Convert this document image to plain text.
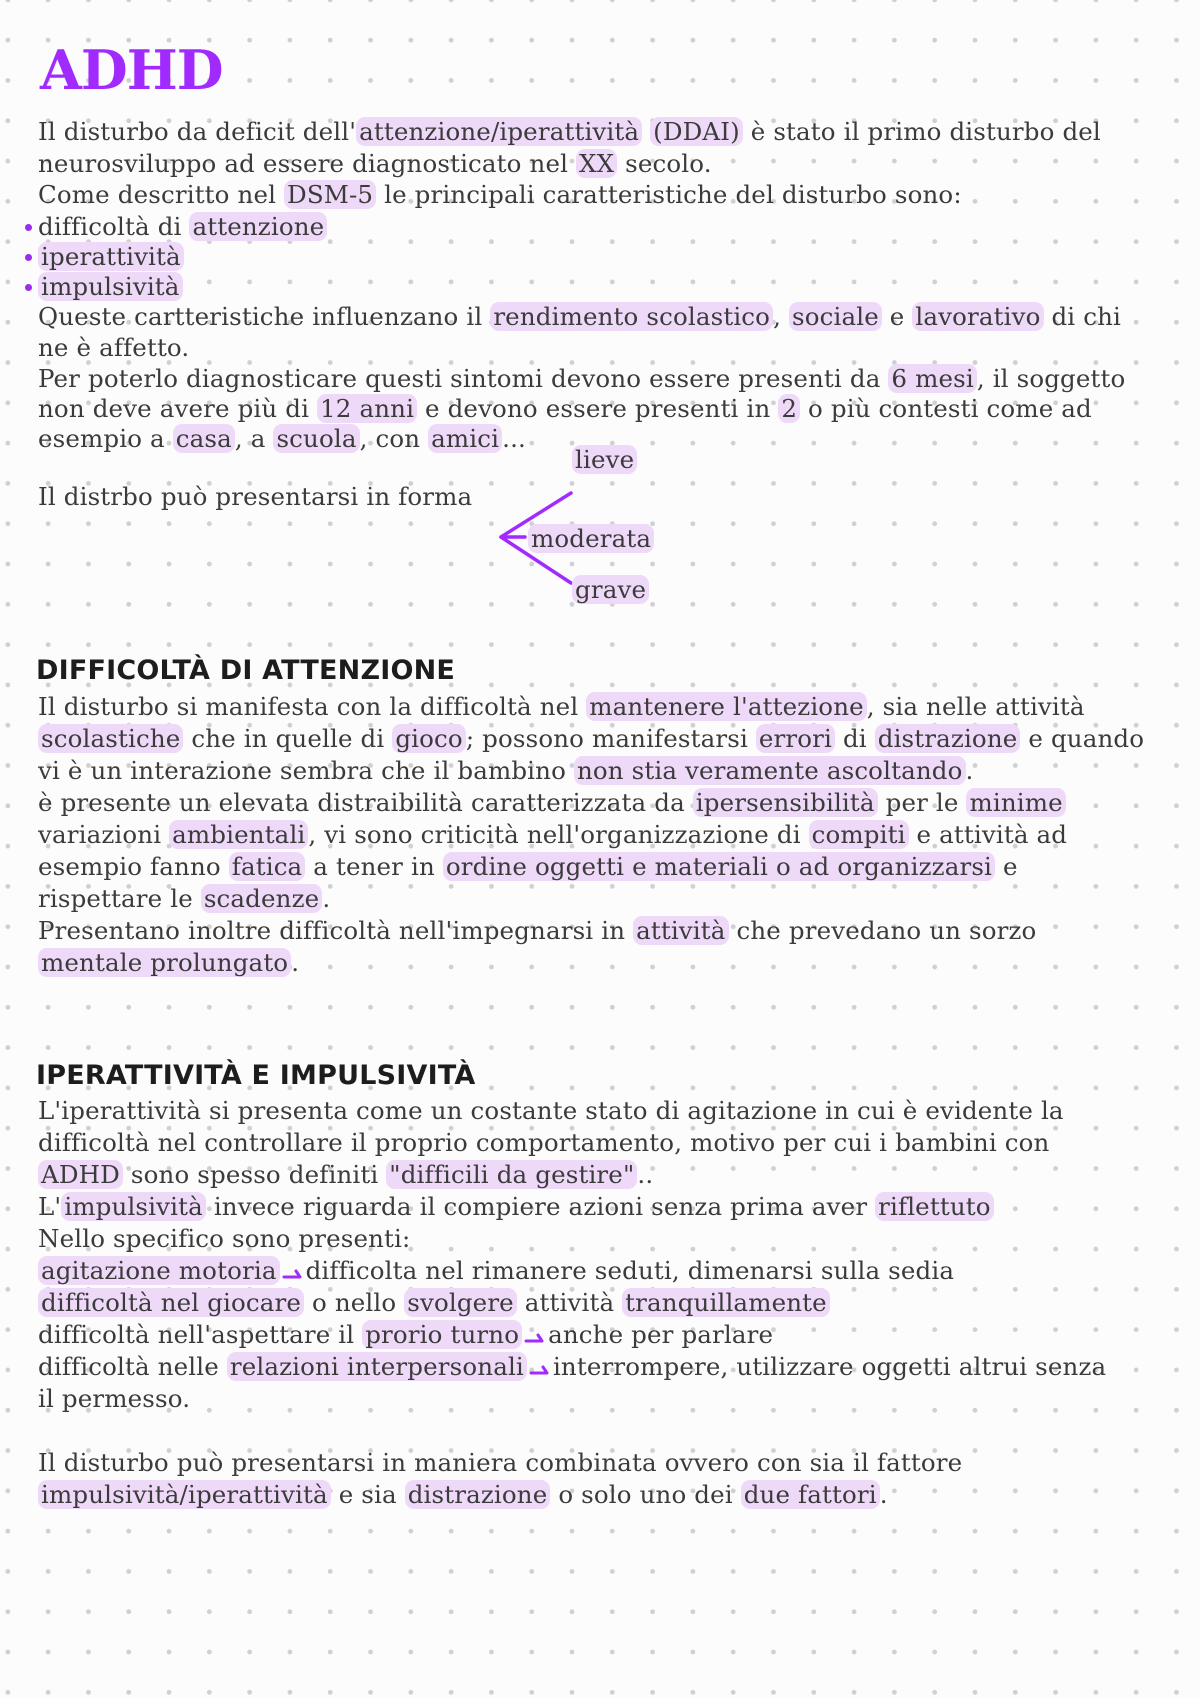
ADHD
Il disturbo da deficit dell' attenzione/iperattività (DDAI) è stato il primo disturbo del
neurosviluppo ad essere diagnosticato nel XX secolo.
Come descritto nel DSM-5 le principali caratteristiche del disturbo sono:
difficoltà di attenzione
iperattività
impulsività
Queste cartteristiche influenzano il rendimento scolastico , sociale e lavorativo di chi
ne è affetto.
Per poterlo diagnosticare questi sintomi devono essere presenti da 6 mesi , il soggetto
non deve avere più di 12 anni e devono essere presenti in 2 o più contesti come ad
esempio a casa , a scuola , con amici ...
Il distrbo può presentarsi in forma
lieve
moderata
grave
DIFFICOLTÀ DI ATTENZIONE
Il disturbo si manifesta con la difficoltà nel mantenere l'attezione , sia nelle attività
scolastiche che in quelle di gioco ; possono manifestarsi errori di distrazione e quando
vi è un interazione sembra che il bambino non stia veramente ascoltando .
è presente un elevata distraibilità caratterizzata da ipersensibilità per le minime
variazioni ambientali , vi sono criticità nell'organizzazione di compiti e attività ad
esempio fanno fatica a tener in ordine oggetti e materiali o ad organizzarsi e
rispettare le scadenze .
Presentano inoltre difficoltà nell'impegnarsi in attività che prevedano un sorzo
mentale prolungato .
IPERATTIVITÀ E IMPULSIVITÀ
L'iperattività si presenta come un costante stato di agitazione in cui è evidente la
difficoltà nel controllare il proprio comportamento, motivo per cui i bambini con
ADHD sono spesso definiti "difficili da gestire" ..
L' impulsività invece riguarda il compiere azioni senza prima aver riflettuto
Nello specifico sono presenti:
agitazione motoria difficolta nel rimanere seduti, dimenarsi sulla sedia
difficoltà nel giocare o nello svolgere attività tranquillamente
difficoltà nell'aspettare il prorio turno anche per parlare
difficoltà nelle relazioni interpersonali interrompere, utilizzare oggetti altrui senza
il permesso.
Il disturbo può presentarsi in maniera combinata ovvero con sia il fattore
impulsività/iperattività e sia distrazione o solo uno dei due fattori .
